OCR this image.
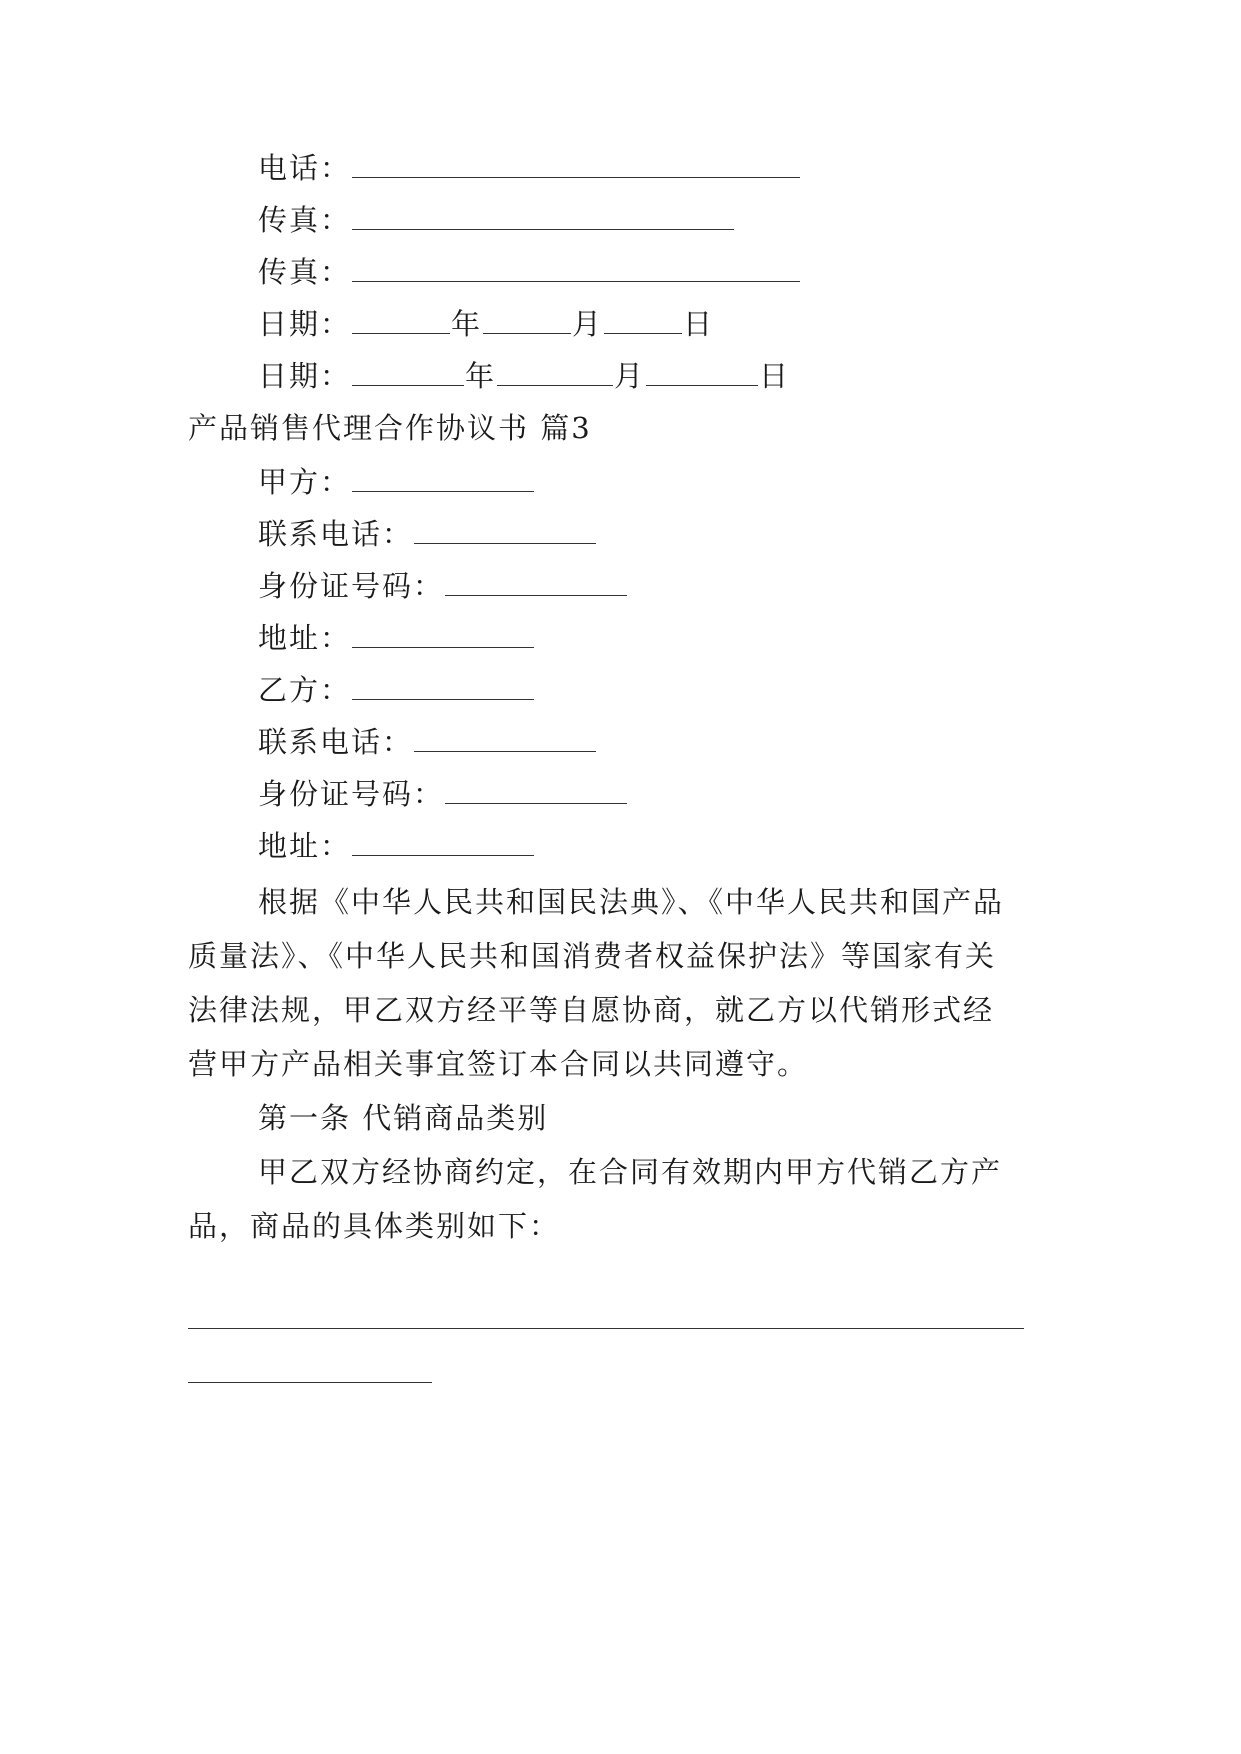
电话：

传真：

传真：

日期：	年	月	日

日期：	年	月	日

产品销售代理合作协议书 篇3

甲方：

联系电话：

身份证号码：

地址：

乙方：

联系电话：

身份证号码：

地址：

根据《中华人民共和国民法典》、《中华人民共和国产品

质量法》、《中华人民共和国消费者权益保护法》等国家有关

法律法规，甲乙双方经平等自愿协商，就乙方以代销形式经

营甲方产品相关事宜签订本合同以共同遵守。

第一条 代销商品类别

甲乙双方经协商约定，在合同有效期内甲方代销乙方产

品，商品的具体类别如下：
